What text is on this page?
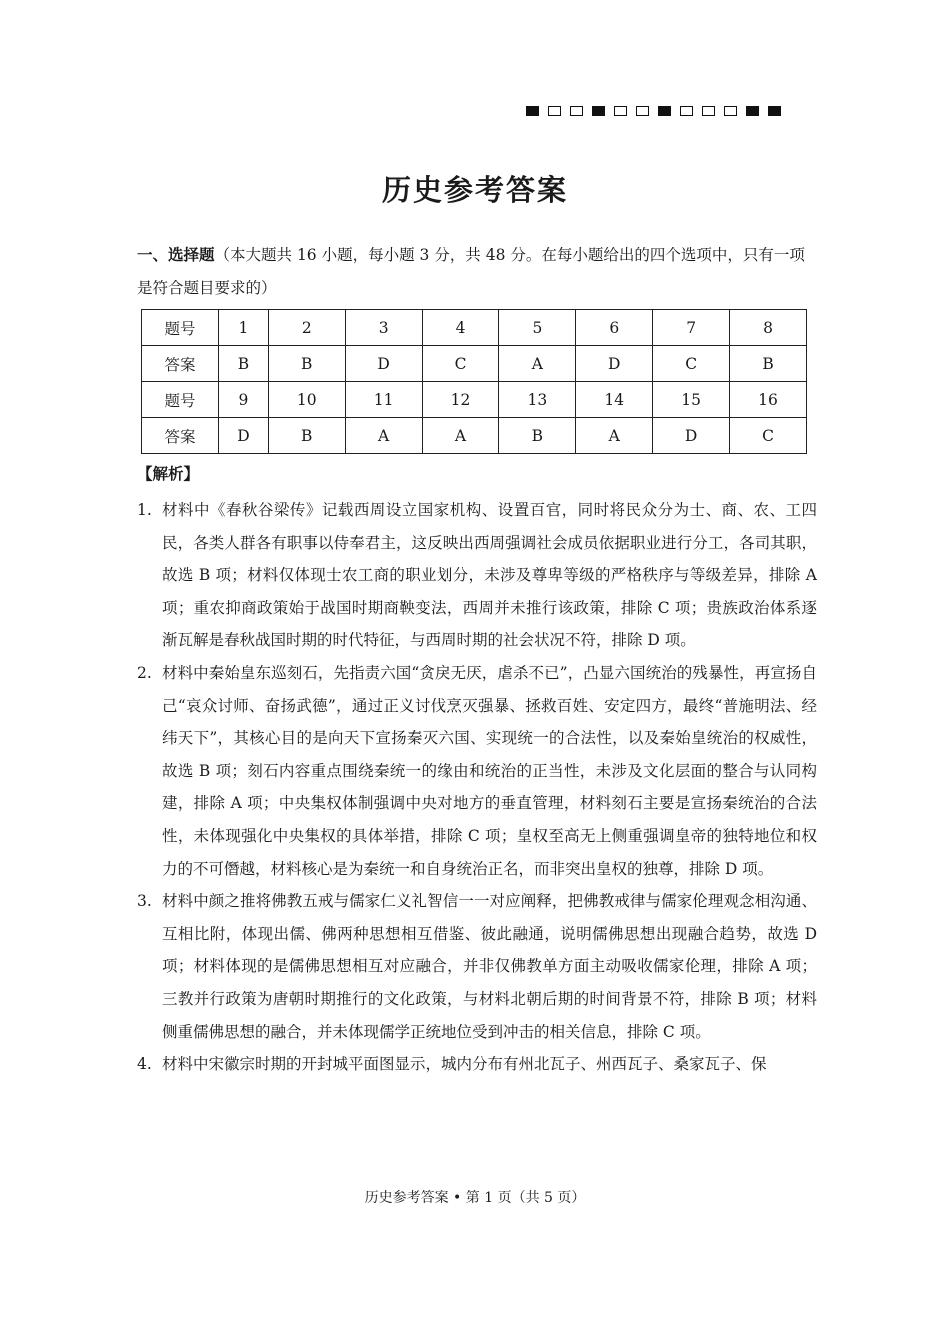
历史参考答案
一、选择题（本大题共 16 小题，每小题 3 分，共 48 分。在每小题给出的四个选项中，只有一项是符合题目要求的）
题号	1	2	3	4	5	6	7	8
答案	B	B	D	C	A	D	C	B
题号	9	10	11	12	13	14	15	16
答案	D	B	A	A	B	A	D	C
【解析】
1. 材料中《春秋谷梁传》记载西周设立国家机构、设置百官，同时将民众分为士、商、农、工四民，各类人群各有职事以侍奉君主，这反映出西周强调社会成员依据职业进行分工，各司其职，故选 B 项；材料仅体现士农工商的职业划分，未涉及尊卑等级的严格秩序与等级差异，排除 A 项；重农抑商政策始于战国时期商鞅变法，西周并未推行该政策，排除 C 项；贵族政治体系逐渐瓦解是春秋战国时期的时代特征，与西周时期的社会状况不符，排除 D 项。
2. 材料中秦始皇东巡刻石，先指责六国“贪戾无厌，虐杀不已”，凸显六国统治的残暴性，再宣扬自己“哀众讨师、奋扬武德”，通过正义讨伐烹灭强暴、拯救百姓、安定四方，最终“普施明法、经纬天下”，其核心目的是向天下宣扬秦灭六国、实现统一的合法性，以及秦始皇统治的权威性，故选 B 项；刻石内容重点围绕秦统一的缘由和统治的正当性，未涉及文化层面的整合与认同构建，排除 A 项；中央集权体制强调中央对地方的垂直管理，材料刻石主要是宣扬秦统治的合法性，未体现强化中央集权的具体举措，排除 C 项；皇权至高无上侧重强调皇帝的独特地位和权力的不可僭越，材料核心是为秦统一和自身统治正名，而非突出皇权的独尊，排除 D 项。
3. 材料中颜之推将佛教五戒与儒家仁义礼智信一一对应阐释，把佛教戒律与儒家伦理观念相沟通、互相比附，体现出儒、佛两种思想相互借鉴、彼此融通，说明儒佛思想出现融合趋势，故选 D 项；材料体现的是儒佛思想相互对应融合，并非仅佛教单方面主动吸收儒家伦理，排除 A 项；三教并行政策为唐朝时期推行的文化政策，与材料北朝后期的时间背景不符，排除 B 项；材料侧重儒佛思想的融合，并未体现儒学正统地位受到冲击的相关信息，排除 C 项。
4. 材料中宋徽宗时期的开封城平面图显示，城内分布有州北瓦子、州西瓦子、桑家瓦子、保
历史参考答案 • 第 1 页（共 5 页）
